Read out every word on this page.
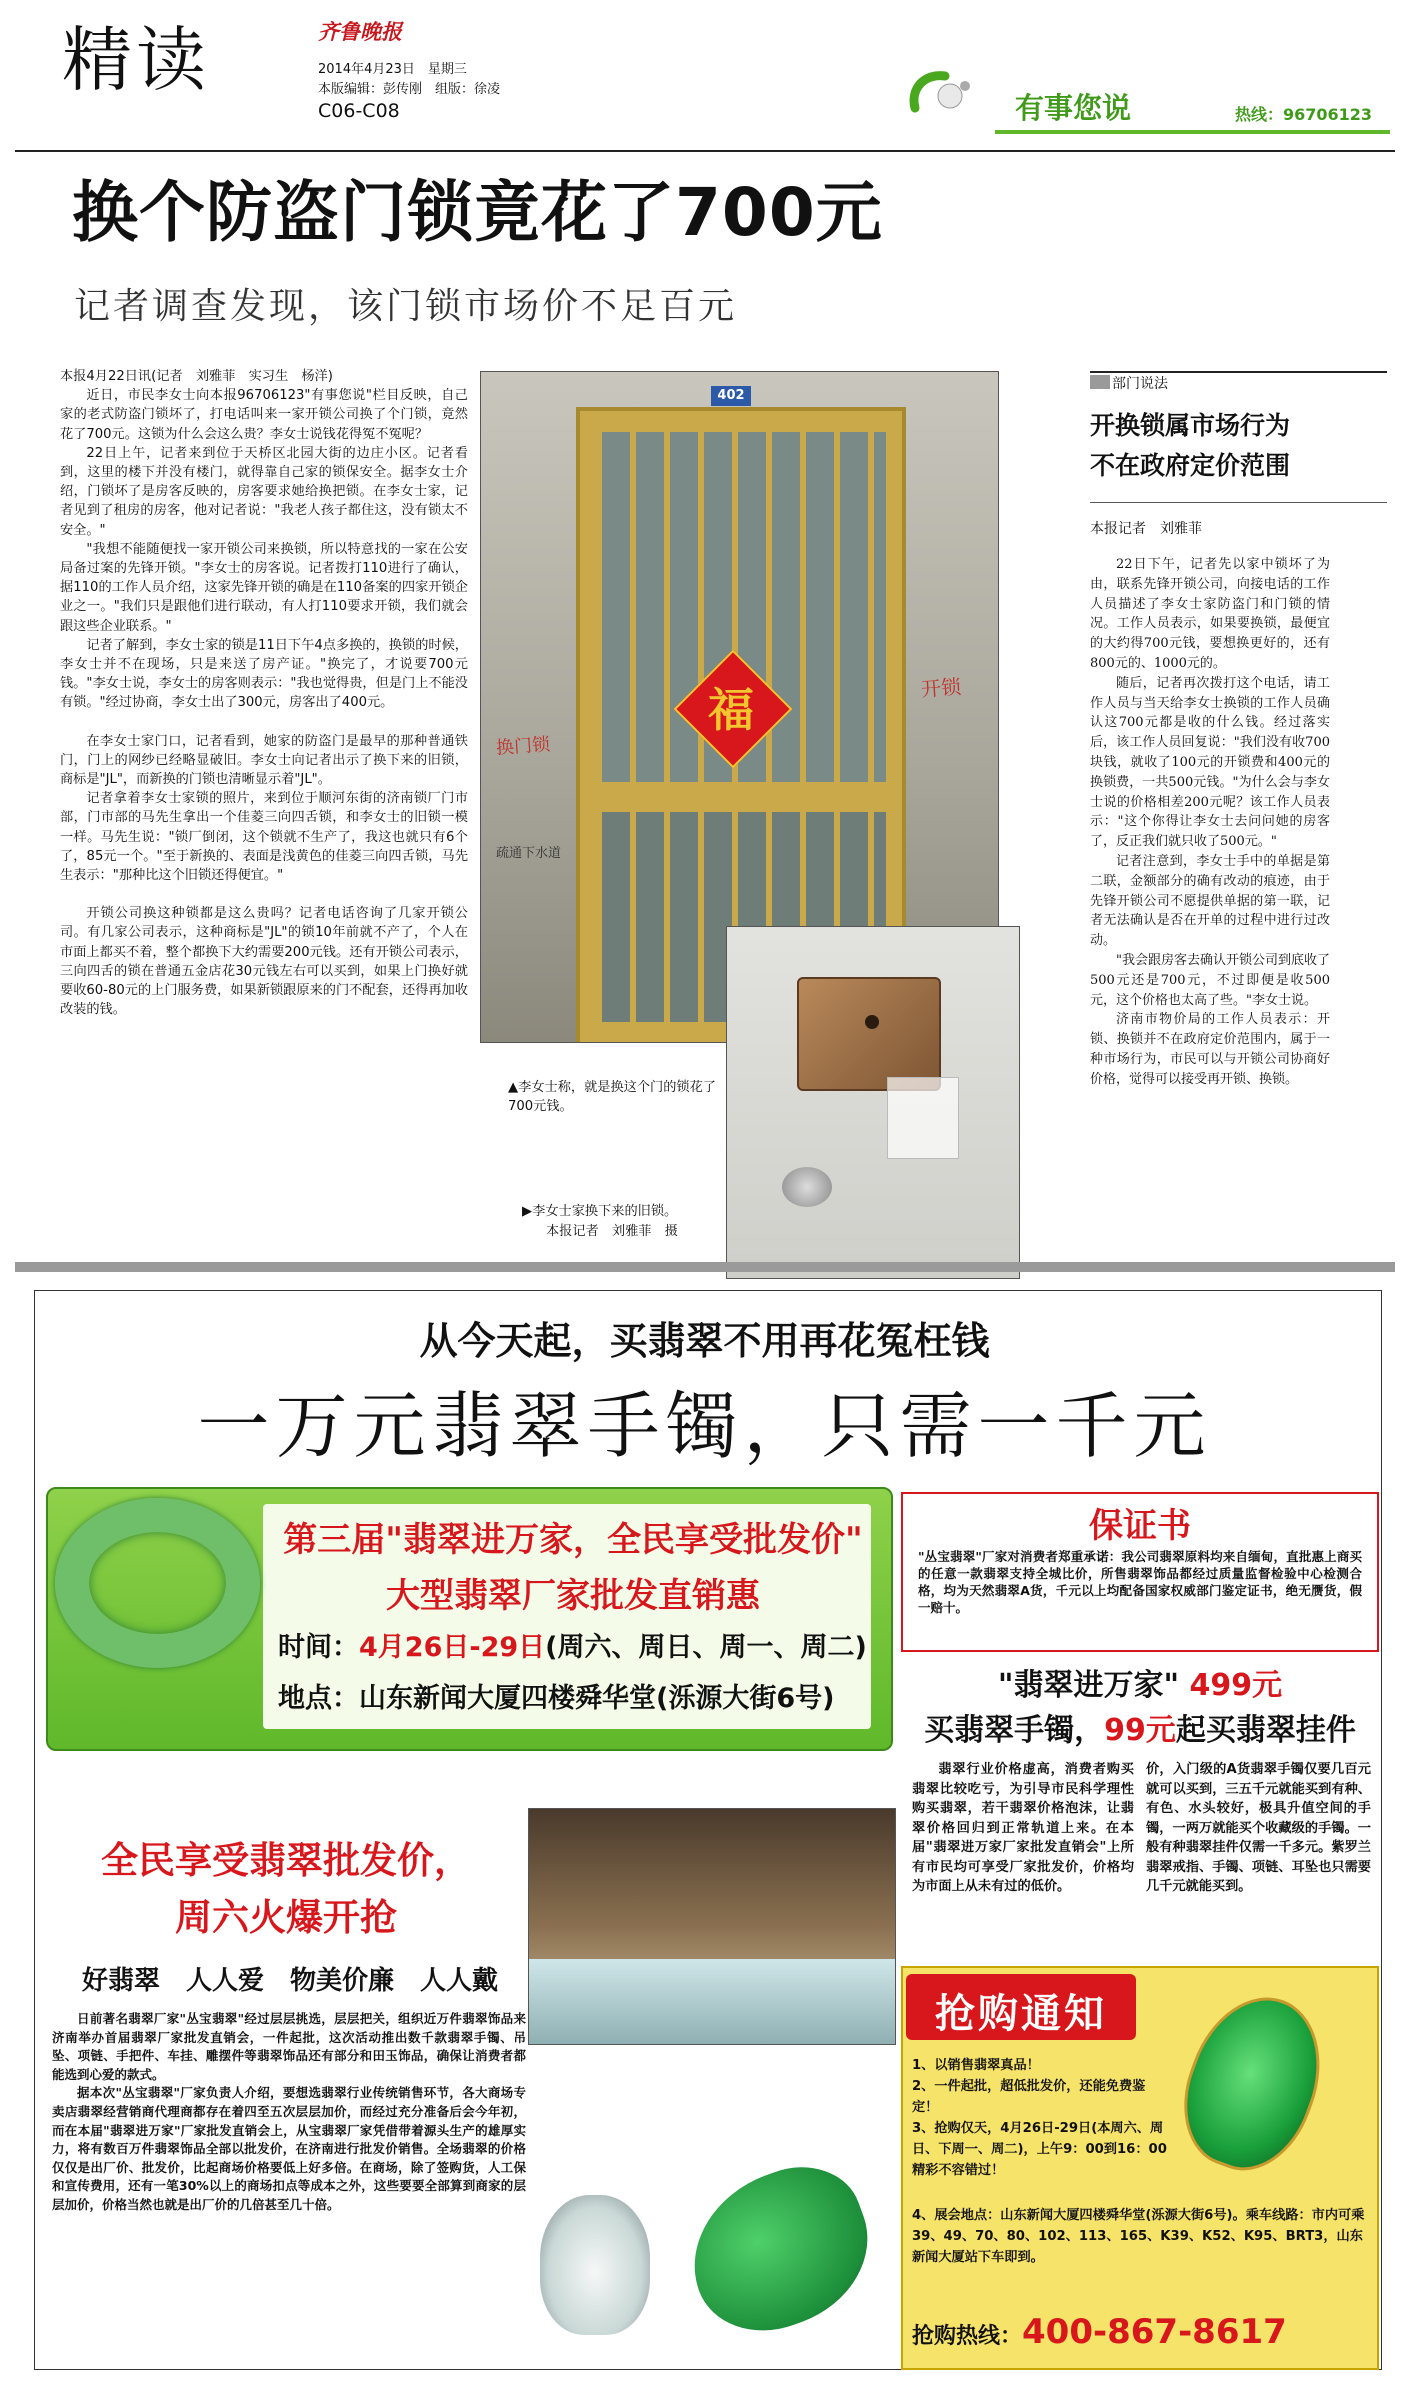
精读	齐鲁晚报
2014年4月23日　星期三
本版编辑：彭传刚　组版：徐凌
C06-C08	有事您说	热线：96706123
换个防盗门锁竟花了700元
记者调查发现，该门锁市场价不足百元

本报4月22日讯(记者　刘雅菲　实习生　杨洋)

近日，市民李女士向本报96706123"有事您说"栏目反映，自己家的老式防盗门锁坏了，打电话叫来一家开锁公司换了个门锁，竟然花了700元。这锁为什么会这么贵？李女士说钱花得冤不冤呢？

22日上午，记者来到位于天桥区北园大街的边庄小区。记者看到，这里的楼下并没有楼门，就得靠自己家的锁保安全。据李女士介绍，门锁坏了是房客反映的，房客要求她给换把锁。在李女士家，记者见到了租房的房客，他对记者说："我老人孩子都住这，没有锁太不安全。"

"我想不能随便找一家开锁公司来换锁，所以特意找的一家在公安局备过案的先锋开锁。"李女士的房客说。记者拨打110进行了确认，据110的工作人员介绍，这家先锋开锁的确是在110备案的四家开锁企业之一。"我们只是跟他们进行联动，有人打110要求开锁，我们就会跟这些企业联系。"

记者了解到，李女士家的锁是11日下午4点多换的，换锁的时候，李女士并不在现场，只是来送了房产证。"换完了，才说要700元钱。"李女士说，李女士的房客则表示："我也觉得贵，但是门上不能没有锁。"经过协商，李女士出了300元，房客出了400元。

在李女士家门口，记者看到，她家的防盗门是最早的那种普通铁门，门上的网纱已经略显破旧。李女士向记者出示了换下来的旧锁，商标是"JL"，而新换的门锁也清晰显示着"JL"。

记者拿着李女士家锁的照片，来到位于顺河东街的济南锁厂门市部，门市部的马先生拿出一个佳菱三向四舌锁，和李女士的旧锁一模一样。马先生说："锁厂倒闭，这个锁就不生产了，我这也就只有6个了，85元一个。"至于新换的、表面是浅黄色的佳菱三向四舌锁，马先生表示："那种比这个旧锁还得便宜。"

开锁公司换这种锁都是这么贵吗？记者电话咨询了几家开锁公司。有几家公司表示，这种商标是"JL"的锁10年前就不产了，个人在市面上都买不着，整个都换下大约需要200元钱。还有开锁公司表示，三向四舌的锁在普通五金店花30元钱左右可以买到，如果上门换好就要收60-80元的上门服务费，如果新锁跟原来的门不配套，还得再加收改装的钱。

402
福
换门锁
开锁
疏通下水道
▲李女士称，就是换这个门的锁花了700元钱。
▶李女士家换下来的旧锁。
本报记者　刘雅菲　摄
部门说法
开换锁属市场行为
不在政府定价范围
本报记者　刘雅菲

22日下午，记者先以家中锁坏了为由，联系先锋开锁公司，向接电话的工作人员描述了李女士家防盗门和门锁的情况。工作人员表示，如果要换锁，最便宜的大约得700元钱，要想换更好的，还有800元的、1000元的。

随后，记者再次拨打这个电话，请工作人员与当天给李女士换锁的工作人员确认这700元都是收的什么钱。经过落实后，该工作人员回复说："我们没有收700块钱，就收了100元的开锁费和400元的换锁费，一共500元钱。"为什么会与李女士说的价格相差200元呢？该工作人员表示："这个你得让李女士去问问她的房客了，反正我们就只收了500元。"

记者注意到，李女士手中的单据是第二联，金额部分的确有改动的痕迹，由于先锋开锁公司不愿提供单据的第一联，记者无法确认是否在开单的过程中进行过改动。

"我会跟房客去确认开锁公司到底收了500元还是700元，不过即便是收500元，这个价格也太高了些。"李女士说。

济南市物价局的工作人员表示：开锁、换锁并不在政府定价范围内，属于一种市场行为，市民可以与开锁公司协商好价格，觉得可以接受再开锁、换锁。

从今天起，买翡翠不用再花冤枉钱
一万元翡翠手镯，只需一千元
第三届"翡翠进万家，全民享受批发价"
大型翡翠厂家批发直销惠
时间：4月26日-29日(周六、周日、周一、周二)
地点：山东新闻大厦四楼舜华堂(泺源大街6号)
保证书
"丛宝翡翠"厂家对消费者郑重承诺：我公司翡翠原料均来自缅甸，直批惠上商买的任意一款翡翠支持全城比价，所售翡翠饰品都经过质量监督检验中心检测合格，均为天然翡翠A货，千元以上均配备国家权威部门鉴定证书，绝无赝货，假一赔十。
"翡翠进万家" 499元
买翡翠手镯，99元起买翡翠挂件
翡翠行业价格虚高，消费者购买翡翠比较吃亏，为引导市民科学理性购买翡翠，若干翡翠价格泡沫，让翡翠价格回归到正常轨道上来。在本届"翡翠进万家厂家批发直销会"上所有市民均可享受厂家批发价，价格均为市面上从未有过的低价。
价，入门级的A货翡翠手镯仅要几百元就可以买到，三五千元就能买到有种、有色、水头较好，极具升值空间的手镯，一两万就能买个收藏级的手镯。一般有种翡翠挂件仅需一千多元。紫罗兰翡翠戒指、手镯、项链、耳坠也只需要几千元就能买到。
全民享受翡翠批发价，
周六火爆开抢
好翡翠　人人爱　物美价廉　人人戴
日前著名翡翠厂家"丛宝翡翠"经过层层挑选，层层把关，组织近万件翡翠饰品来济南举办首届翡翠厂家批发直销会，一件起批，这次活动推出数千款翡翠手镯、吊坠、项链、手把件、车挂、雕摆件等翡翠饰品还有部分和田玉饰品，确保让消费者都能选到心爱的款式。
据本次"丛宝翡翠"厂家负责人介绍，要想选翡翠行业传统销售环节，各大商场专卖店翡翠经营销商代理商都存在着四至五次层层加价，而经过充分准备后会今年初，而在本届"翡翠进万家"厂家批发直销会上，从宝翡翠厂家凭借带着源头生产的雄厚实力，将有数百万件翡翠饰品全部以批发价，在济南进行批发价销售。全场翡翠的价格仅仅是出厂价、批发价，比起商场价格要低上好多倍。在商场，除了签购货，人工保和宣传费用，还有一笔30%以上的商场扣点等成本之外，这些要要全部算到商家的层层加价，价格当然也就是出厂价的几倍甚至几十倍。
抢购通知
1、以销售翡翠真品！
2、一件起批，超低批发价，还能免费鉴定！
3、抢购仅天，4月26日-29日(本周六、周日、下周一、周二)，上午9：00到16：00精彩不容错过！
4、展会地点：山东新闻大厦四楼舜华堂(泺源大街6号)。乘车线路：市内可乘39、49、70、80、102、113、165、K39、K52、K95、BRT3，山东新闻大厦站下车即到。
抢购热线：400-867-8617
